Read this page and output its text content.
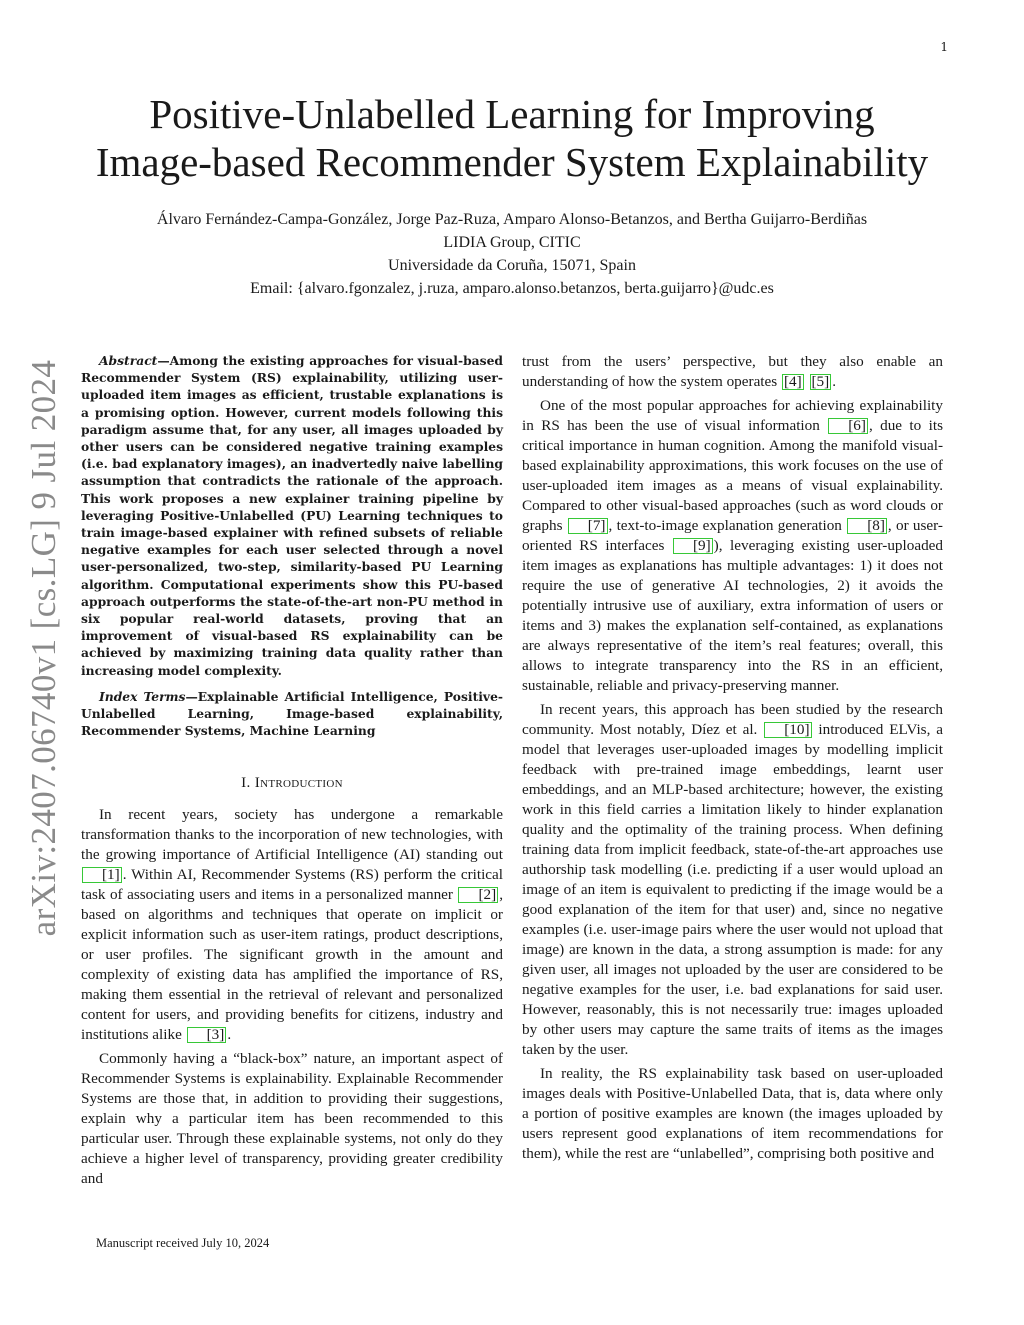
1
arXiv:2407.06740v1 [cs.LG] 9 Jul 2024
Positive-Unlabelled Learning for Improving
Image-based Recommender System Explainability
Álvaro Fernández-Campa-González, Jorge Paz-Ruza, Amparo Alonso-Betanzos, and Bertha Guijarro-Berdiñas
LIDIA Group, CITIC
Universidade da Coruña, 15071, Spain
Email: {alvaro.fgonzalez, j.ruza, amparo.alonso.betanzos, berta.guijarro}@udc.es

Abstract—Among the existing approaches for visual-based Recommender System (RS) explainability, utilizing user-uploaded item images as efficient, trustable explanations is a promising option. However, current models following this paradigm assume that, for any user, all images uploaded by other users can be considered negative training examples (i.e. bad explanatory images), an inadvertedly naive labelling assumption that contradicts the rationale of the approach. This work proposes a new explainer training pipeline by leveraging Positive-Unlabelled (PU) Learning techniques to train image-based explainer with refined subsets of reliable negative examples for each user selected through a novel user-personalized, two-step, similarity-based PU Learning algorithm. Computational experiments show this PU-based approach outperforms the state-of-the-art non-PU method in six popular real-world datasets, proving that an improvement of visual-based RS explainability can be achieved by maximizing training data quality rather than increasing model complexity.

Index Terms—Explainable Artificial Intelligence, Positive-Unlabelled Learning, Image-based explainability, Recommender Systems, Machine Learning

I. Introduction

In recent years, society has undergone a remarkable transformation thanks to the incorporation of new technologies, with the growing importance of Artificial Intelligence (AI) standing out [1] . Within AI, Recommender Systems (RS) perform the critical task of associating users and items in a personalized manner [2] , based on algorithms and techniques that operate on implicit or explicit information such as user-item ratings, product descriptions, or user profiles. The significant growth in the amount and complexity of existing data has amplified the importance of RS, making them essential in the retrieval of relevant and personalized content for users, and providing benefits for citizens, industry and institutions alike [3] .

Commonly having a “black-box” nature, an important aspect of Recommender Systems is explainability. Explainable Recommender Systems are those that, in addition to providing their suggestions, explain why a particular item has been recommended to this particular user. Through these explainable systems, not only do they achieve a higher level of transparency, providing greater credibility and

trust from the users’ perspective, but they also enable an understanding of how the system operates [4] [5] .

One of the most popular approaches for achieving explainability in RS has been the use of visual information [6] , due to its critical importance in human cognition. Among the manifold visual-based explainability approximations, this work focuses on the use of user-uploaded item images as a means of visual explainability. Compared to other visual-based approaches (such as word clouds or graphs [7] , text-to-image explanation generation [8] , or user-oriented RS interfaces [9] ), leveraging existing user-uploaded item images as explanations has multiple advantages: 1) it does not require the use of generative AI technologies, 2) it avoids the potentially intrusive use of auxiliary, extra information of users or items and 3) makes the explanation self-contained, as explanations are always representative of the item’s real features; overall, this allows to integrate transparency into the RS in an efficient, sustainable, reliable and privacy-preserving manner.

In recent years, this approach has been studied by the research community. Most notably, Díez et al. [10] introduced ELVis, a model that leverages user-uploaded images by modelling implicit feedback with pre-trained image embeddings, learnt user embeddings, and an MLP-based architecture; however, the existing work in this field carries a limitation likely to hinder explanation quality and the optimality of the training process. When defining training data from implicit feedback, state-of-the-art approaches use authorship task modelling (i.e. predicting if a user would upload an image of an item is equivalent to predicting if the image would be a good explanation of the item for that user) and, since no negative examples (i.e. user-image pairs where the user would not upload that image) are known in the data, a strong assumption is made: for any given user, all images not uploaded by the user are considered to be negative examples for the user, i.e. bad explanations for said user. However, reasonably, this is not necessarily true: images uploaded by other users may capture the same traits of items as the images taken by the user.

In reality, the RS explainability task based on user-uploaded images deals with Positive-Unlabelled Data, that is, data where only a portion of positive examples are known (the images uploaded by users represent good explanations of item recommendations for them), while the rest are “unlabelled”, comprising both positive and

Manuscript received July 10, 2024
